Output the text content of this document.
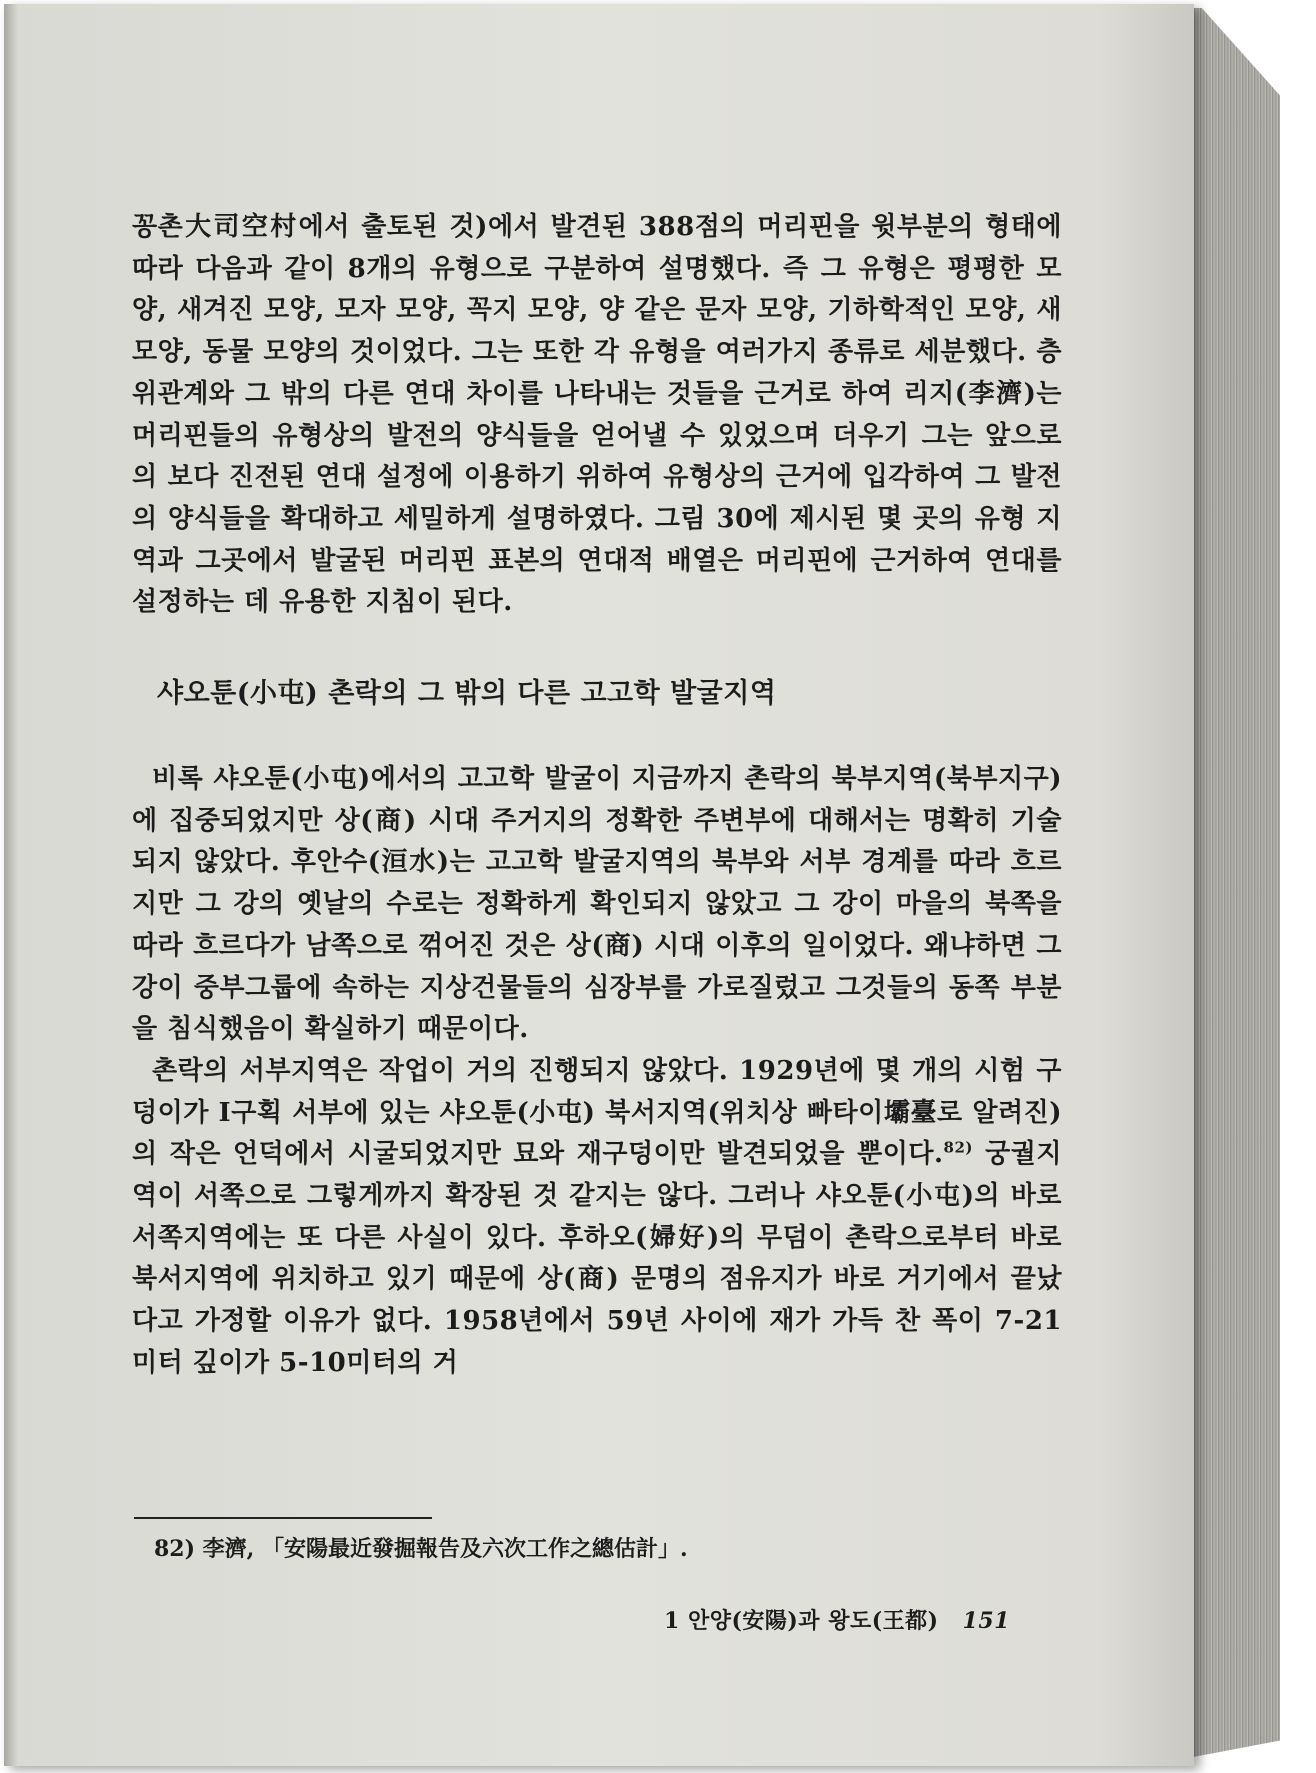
꽁촌大司空村에서 출토된 것)에서 발견된 388점의 머리핀을 윗부분의 형태에 따라 다음과 같이 8개의 유형으로 구분하여 설명했다. 즉 그 유형은 평평한 모양, 새겨진 모양, 모자 모양, 꼭지 모양, 양 같은 문자 모양, 기하학적인 모양, 새 모양, 동물 모양의 것이었다. 그는 또한 각 유형을 여러가지 종류로 세분했다. 층위관계와 그 밖의 다른 연대 차이를 나타내는 것들을 근거로 하여 리지(李濟)는 머리핀들의 유형상의 발전의 양식들을 얻어낼 수 있었으며 더우기 그는 앞으로의 보다 진전된 연대 설정에 이용하기 위하여 유형상의 근거에 입각하여 그 발전의 양식들을 확대하고 세밀하게 설명하였다. 그림 30에 제시된 몇 곳의 유형 지역과 그곳에서 발굴된 머리핀 표본의 연대적 배열은 머리핀에 근거하여 연대를 설정하는 데 유용한 지침이 된다.

샤오툰(小屯) 촌락의 그 밖의 다른 고고학 발굴지역

비록 샤오툰(小屯)에서의 고고학 발굴이 지금까지 촌락의 북부지역(북부지구)에 집중되었지만 상(商) 시대 주거지의 정확한 주변부에 대해서는 명확히 기술되지 않았다. 후안수(洹水)는 고고학 발굴지역의 북부와 서부 경계를 따라 흐르지만 그 강의 옛날의 수로는 정확하게 확인되지 않았고 그 강이 마을의 북쪽을 따라 흐르다가 남쪽으로 꺾어진 것은 상(商) 시대 이후의 일이었다. 왜냐하면 그 강이 중부그룹에 속하는 지상건물들의 심장부를 가로질렀고 그것들의 동쪽 부분을 침식했음이 확실하기 때문이다.

촌락의 서부지역은 작업이 거의 진행되지 않았다. 1929년에 몇 개의 시험 구덩이가 Ⅰ구획 서부에 있는 샤오툰(小屯) 북서지역(위치상 빠타이壩臺로 알려진)의 작은 언덕에서 시굴되었지만 묘와 재구덩이만 발견되었을 뿐이다.$^{82)}$ 궁궐지역이 서쪽으로 그렇게까지 확장된 것 같지는 않다. 그러나 샤오툰(小屯)의 바로 서쪽지역에는 또 다른 사실이 있다. 후하오(婦好)의 무덤이 촌락으로부터 바로 북서지역에 위치하고 있기 때문에 상(商) 문명의 점유지가 바로 거기에서 끝났다고 가정할 이유가 없다. 1958년에서 59년 사이에 재가 가득 찬 폭이 7-21미터 깊이가 5-10미터의 거

82) 李濟, 「安陽最近發掘報告及六次工作之總估計」.
1 안양(安陽)과 왕도(王都) 151
